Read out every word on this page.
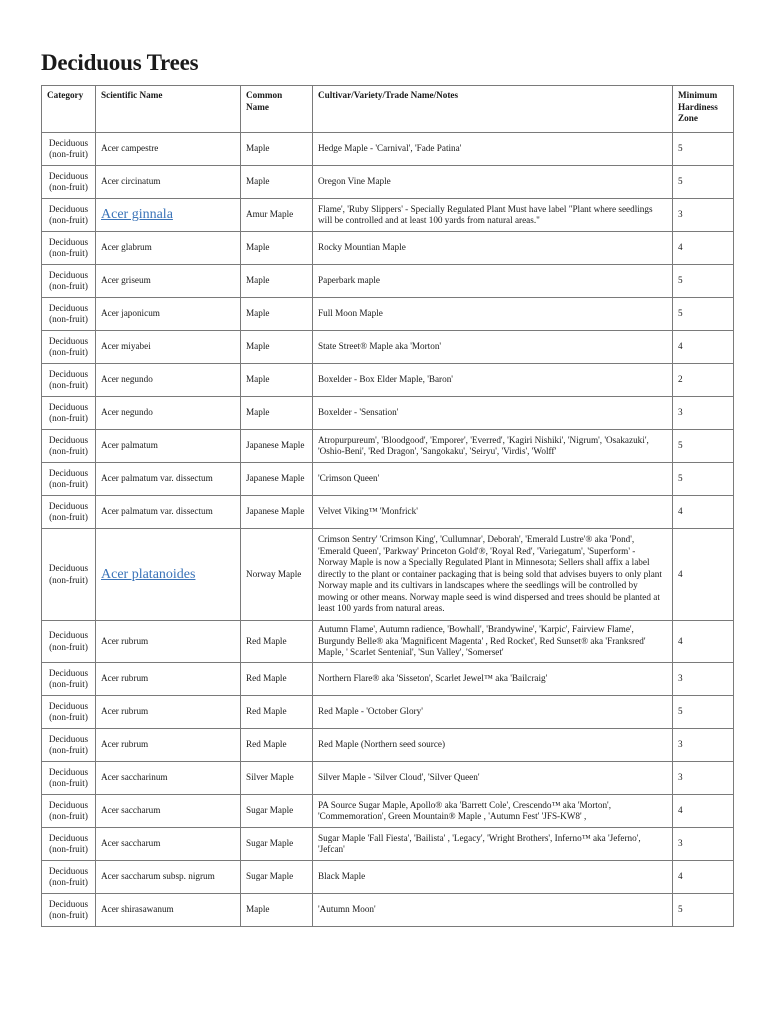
Deciduous Trees
Category	Scientific Name	Common Name	Cultivar/Variety/Trade Name/Notes	Minimum Hardiness Zone
Deciduous (non-fruit)	Acer campestre	Maple	Hedge Maple - 'Carnival', 'Fade Patina'	5
Deciduous (non-fruit)	Acer circinatum	Maple	Oregon Vine Maple	5
Deciduous (non-fruit)	Acer ginnala	Amur Maple	Flame', 'Ruby Slippers' - Specially Regulated Plant Must have label "Plant where seedlings will be controlled and at least 100 yards from natural areas."	3
Deciduous (non-fruit)	Acer glabrum	Maple	Rocky Mountian Maple	4
Deciduous (non-fruit)	Acer griseum	Maple	Paperbark maple	5
Deciduous (non-fruit)	Acer japonicum	Maple	Full Moon Maple	5
Deciduous (non-fruit)	Acer miyabei	Maple	State Street® Maple aka 'Morton'	4
Deciduous (non-fruit)	Acer negundo	Maple	Boxelder - Box Elder Maple, 'Baron'	2
Deciduous (non-fruit)	Acer negundo	Maple	Boxelder - 'Sensation'	3
Deciduous (non-fruit)	Acer palmatum	Japanese Maple	Atropurpureum', 'Bloodgood', 'Emporer', 'Everred', 'Kagiri Nishiki', 'Nigrum', 'Osakazuki', 'Oshio-Beni', 'Red Dragon', 'Sangokaku', 'Seiryu', 'Virdis', 'Wolff'	5
Deciduous (non-fruit)	Acer palmatum var. dissectum	Japanese Maple	'Crimson Queen'	5
Deciduous (non-fruit)	Acer palmatum var. dissectum	Japanese Maple	Velvet Viking™ 'Monfrick'	4
Deciduous (non-fruit)	Acer platanoides	Norway Maple	Crimson Sentry' 'Crimson King', 'Cullumnar', Deborah', 'Emerald Lustre'® aka 'Pond', 'Emerald Queen', 'Parkway' Princeton Gold'®, 'Royal Red', 'Variegatum', 'Superform' - Norway Maple is now a Specially Regulated Plant in Minnesota; Sellers shall affix a label directly to the plant or container packaging that is being sold that advises buyers to only plant Norway maple and its cultivars in landscapes where the seedlings will be controlled by mowing or other means. Norway maple seed is wind dispersed and trees should be planted at least 100 yards from natural areas.	4
Deciduous (non-fruit)	Acer rubrum	Red Maple	Autumn Flame', Autumn radience, 'Bowhall', 'Brandywine', 'Karpic', Fairview Flame', Burgundy Belle® aka 'Magnificent Magenta' , Red Rocket', Red Sunset® aka 'Franksred' Maple, ' Scarlet Sentenial', 'Sun Valley', 'Somerset'	4
Deciduous (non-fruit)	Acer rubrum	Red Maple	Northern Flare® aka 'Sisseton', Scarlet Jewel™ aka 'Bailcraig'	3
Deciduous (non-fruit)	Acer rubrum	Red Maple	Red Maple - 'October Glory'	5
Deciduous (non-fruit)	Acer rubrum	Red Maple	Red Maple (Northern seed source)	3
Deciduous (non-fruit)	Acer saccharinum	Silver Maple	Silver Maple - 'Silver Cloud', 'Silver Queen'	3
Deciduous (non-fruit)	Acer saccharum	Sugar Maple	PA Source Sugar Maple, Apollo® aka 'Barrett Cole', Crescendo™ aka 'Morton', 'Commemoration', Green Mountain® Maple , 'Autumn Fest' 'JFS-KW8' ,	4
Deciduous (non-fruit)	Acer saccharum	Sugar Maple	Sugar Maple 'Fall Fiesta', 'Bailista' , 'Legacy', 'Wright Brothers', Inferno™ aka 'Jeferno', 'Jefcan'	3
Deciduous (non-fruit)	Acer saccharum subsp. nigrum	Sugar Maple	Black Maple	4
Deciduous (non-fruit)	Acer shirasawanum	Maple	'Autumn Moon'	5
